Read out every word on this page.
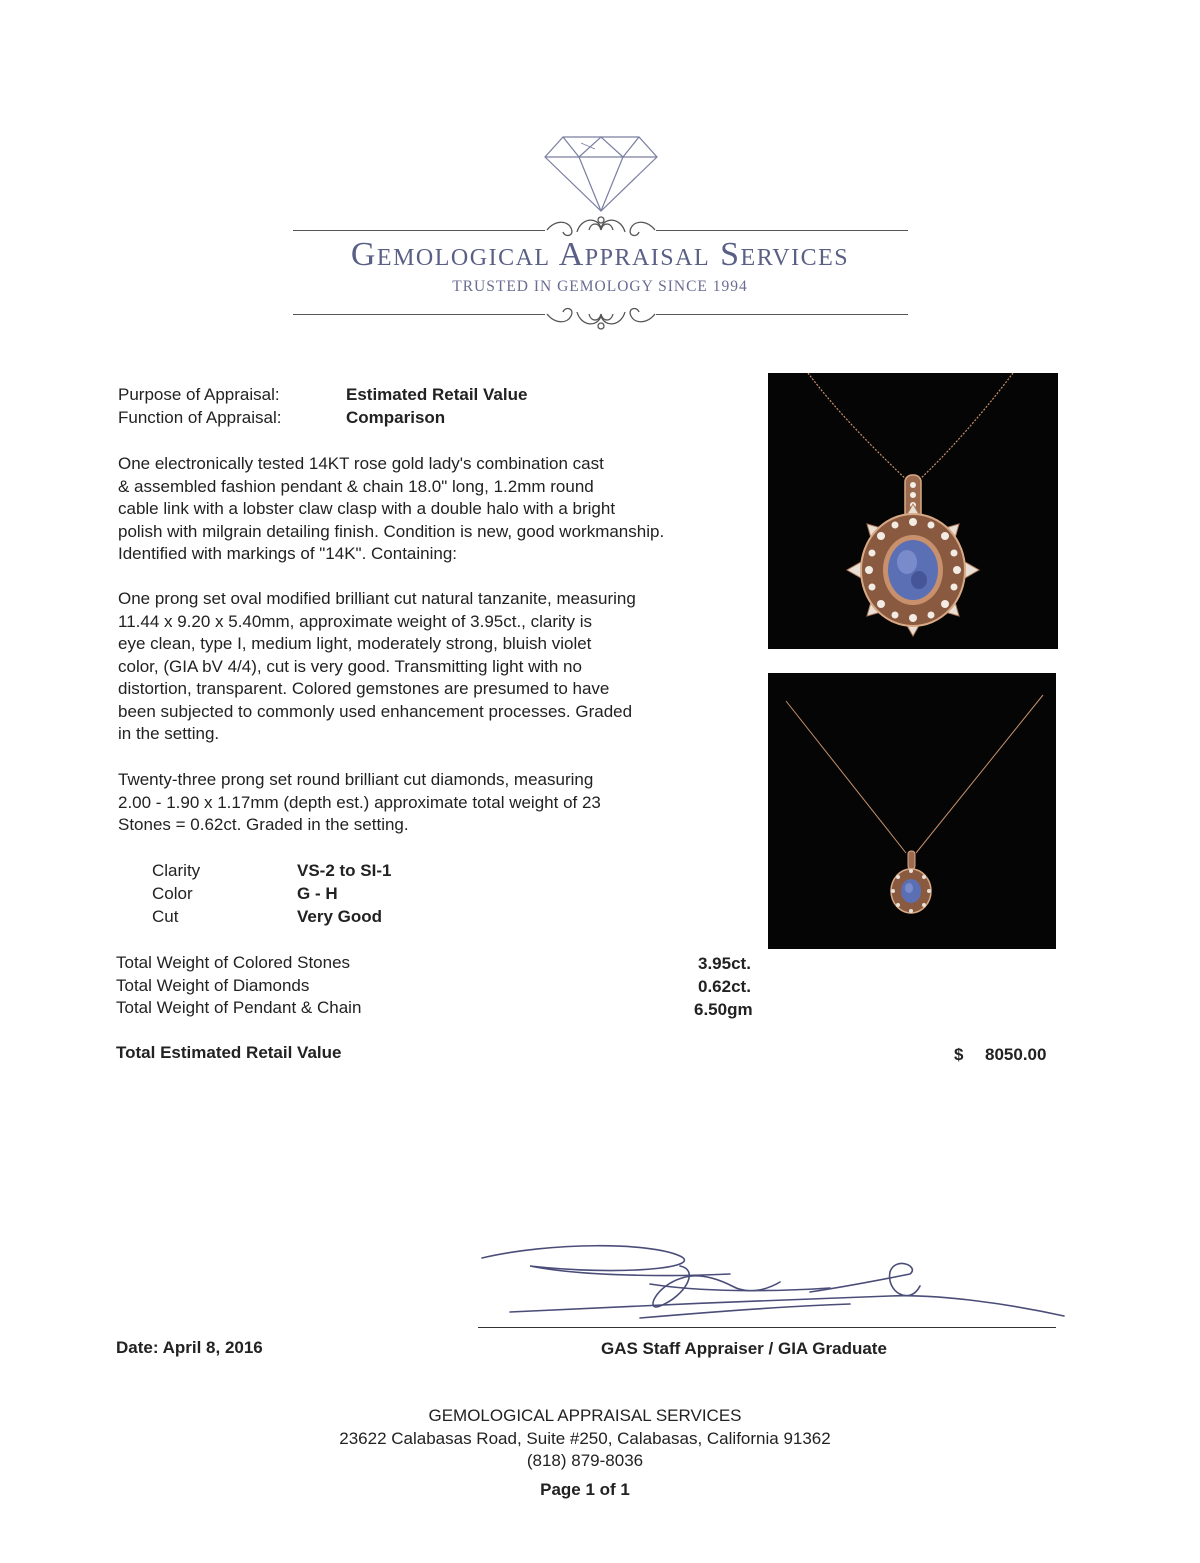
Gemological Appraisal Services
TRUSTED IN GEMOLOGY SINCE 1994
Purpose of Appraisal:	Estimated Retail Value
Function of Appraisal:	Comparison
One electronically tested 14KT rose gold lady's combination cast
& assembled fashion pendant & chain 18.0" long, 1.2mm round
cable link with a lobster claw clasp with a double halo with a bright
polish with milgrain detailing finish. Condition is new, good workmanship.
Identified with markings of "14K". Containing:
One prong set oval modified brilliant cut natural tanzanite, measuring
11.44 x 9.20 x 5.40mm, approximate weight of 3.95ct., clarity is
eye clean, type I, medium light, moderately strong, bluish violet
color, (GIA bV 4/4), cut is very good. Transmitting light with no
distortion, transparent. Colored gemstones are presumed to have
been subjected to commonly used enhancement processes. Graded
in the setting.
Twenty-three prong set round brilliant cut diamonds, measuring
2.00 - 1.90 x 1.17mm (depth est.) approximate total weight of 23
Stones = 0.62ct. Graded in the setting.
Clarity	VS-2 to SI-1
Color	G - H
Cut	Very Good
Total Weight of Colored Stones	3.95ct.
Total Weight of Diamonds	0.62ct.
Total Weight of Pendant & Chain	6.50gm
Total Estimated Retail Value	$ 8050.00
Date: April 8, 2016	GAS Staff Appraiser / GIA Graduate
GEMOLOGICAL APPRAISAL SERVICES
23622 Calabasas Road, Suite #250, Calabasas, California 91362
(818) 879-8036
Page 1 of 1
